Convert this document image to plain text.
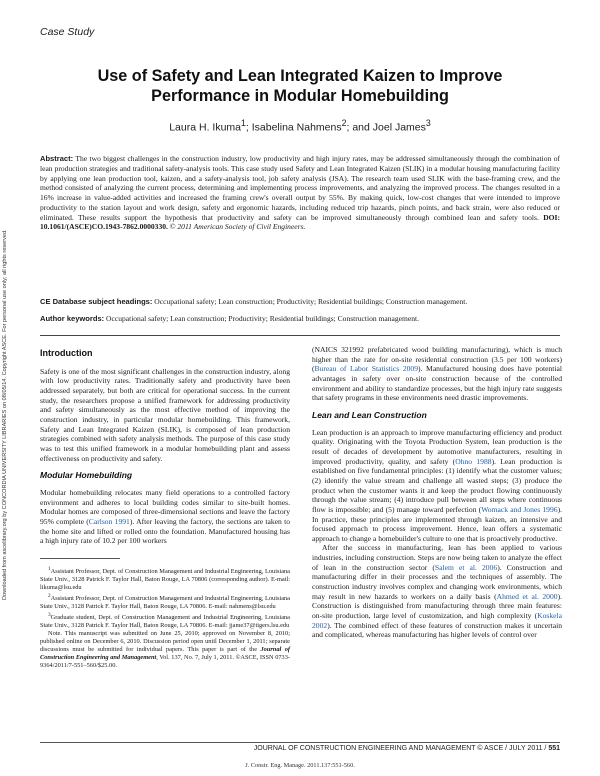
Case Study
Use of Safety and Lean Integrated Kaizen to Improve
Performance in Modular Homebuilding
Laura H. Ikuma$^1$; Isabelina Nahmens$^2$; and Joel James$^3$
Downloaded from ascelibrary.org by CONCORDIA UNIVERSITY LIBRARIES on 08/05/14. Copyright ASCE. For personal use only; all rights reserved.
Abstract: The two biggest challenges in the construction industry, low productivity and high injury rates, may be addressed simultaneously through the combination of lean production strategies and traditional safety-analysis tools. This case study used Safety and Lean Integrated Kaizen (SLIK) in a modular housing manufacturing facility by applying one lean production tool, kaizen, and a safety-analysis tool, job safety analysis (JSA). The research team used SLIK with the base-framing crew, and the method consisted of analyzing the current process, determining and implementing process improvements, and analyzing the improved process. The changes resulted in a 16% increase in value-added activities and increased the framing crew's overall output by 55%. By making quick, low-cost changes that were intended to improve productivity to the station layout and work design, safety and ergonomic hazards, including reduced trip hazards, pinch points, and back strain, were also reduced or eliminated. These results support the hypothesis that productivity and safety can be improved simultaneously through combined lean and safety tools. DOI: 10.1061/(ASCE)CO.1943-7862.0000330. © 2011 American Society of Civil Engineers.
CE Database subject headings: Occupational safety; Lean construction; Productivity; Residential buildings; Construction management.
Author keywords: Occupational safety; Lean construction; Productivity; Residential buildings; Construction management.
Introduction

Safety is one of the most significant challenges in the construction industry, along with low productivity rates. Traditionally safety and productivity have been addressed separately, but both are critical for operational success. In the current study, the researchers propose a unified framework for addressing productivity and safety simultaneously as the most effective method of improving the construction industry, in particular modular homebuilding. This framework, Safety and Lean Integrated Kaizen (SLIK), is composed of lean production strategies combined with safety analysis methods. The purpose of this case study was to test this unified framework in a modular homebuilding plant and assess effectiveness on productivity and safety.

Modular Homebuilding

Modular homebuilding relocates many field operations to a controlled factory environment and adheres to local building codes similar to site-built homes. Modular homes are composed of three-dimensional sections and leave the factory 95% complete (Carlson 1991). After leaving the factory, the sections are taken to the home site and lifted or rolled onto the foundation. Manufactured housing has a high injury rate of 10.2 per 100 workers

$^1$Assistant Professor, Dept. of Construction Management and Industrial Engineering, Louisiana State Univ., 3128 Patrick F. Taylor Hall, Baton Rouge, LA 70806 (corresponding author). E-mail: likuma@lsu.edu

$^2$Assistant Professor, Dept. of Construction Management and Industrial Engineering, Louisiana State Univ., 3128 Patrick F. Taylor Hall, Baton Rouge, LA 70806. E-mail: nahmens@lsu.edu

$^3$Graduate student, Dept. of Construction Management and Industrial Engineering, Louisiana State Univ., 3128 Patrick F. Taylor Hall, Baton Rouge, LA 70806. E-mail: jjame37@tigers.lsu.edu

Note. This manuscript was submitted on June 25, 2010; approved on November 8, 2010; published online on December 6, 2010. Discussion period open until December 1, 2011; separate discussions must be submitted for individual papers. This paper is part of the Journal of Construction Engineering and Management, Vol. 137, No. 7, July 1, 2011. ©ASCE, ISSN 0733-9364/2011/7-551–560/$25.00.

(NAICS 321992 prefabricated wood building manufacturing), which is much higher than the rate for on-site residential construction (3.5 per 100 workers) (Bureau of Labor Statistics 2009). Manufactured housing does have potential advantages in safety over on-site construction because of the controlled environment and ability to standardize processes, but the high injury rate suggests that safety programs in these environments need drastic improvements.

Lean and Lean Construction

Lean production is an approach to improve manufacturing efficiency and product quality. Originating with the Toyota Production System, lean production is the result of decades of development by automotive manufacturers, resulting in improved productivity, quality, and safety (Ohno 1988). Lean production is established on five fundamental principles: (1) identify what the customer values; (2) identify the value stream and challenge all wasted steps; (3) produce the product when the customer wants it and keep the product flowing continuously through the value stream; (4) introduce pull between all steps where continuous flow is impossible; and (5) manage toward perfection (Womack and Jones 1996). In practice, these principles are implemented through kaizen, an intensive and focused approach to process improvement. Hence, lean offers a systematic approach to change a homebuilder's culture to one that is proactively productive.

After the success in manufacturing, lean has been applied to various industries, including construction. Steps are now being taken to analyze the effect of lean in the construction sector (Salem et al. 2006). Construction and manufacturing differ in their processes and the techniques of assembly. The construction industry involves complex and changing work environments, which may result in new hazards to workers on a daily basis (Ahmed et al. 2000). Construction is distinguished from manufacturing through three main features: on-site production, large level of customization, and high complexity (Koskela 2002). The combined effect of these features of construction makes it uncertain and complicated, whereas manufacturing has higher levels of control over

JOURNAL OF CONSTRUCTION ENGINEERING AND MANAGEMENT © ASCE / JULY 2011 / 551
J. Constr. Eng. Manage. 2011.137:551-560.
